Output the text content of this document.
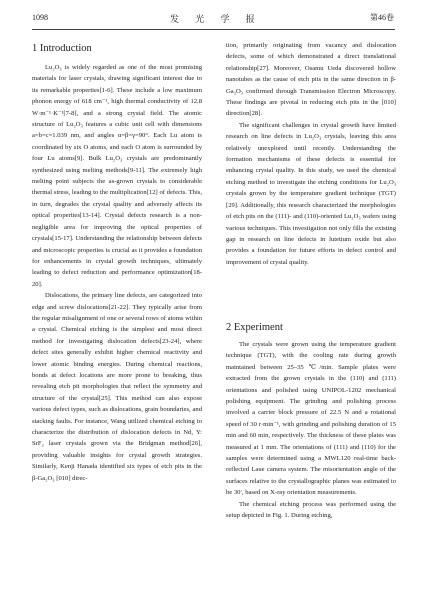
1098	发 光 学 报	第46卷
1 Introduction

Lu₂O₃ is widely regarded as one of the most promising materials for laser crystals, drawing significant interest due to its remarkable properties[1-6]. These include a low maximum phonon energy of 618 cm⁻¹, high thermal conductivity of 12.8 W·m⁻¹·K⁻¹[7-8], and a strong crystal field. The atomic structure of Lu₂O₃ features a cubic unit cell with dimensions a=b=c=1.039 nm, and angles α=β=γ=90°. Each Lu atom is coordinated by six O atoms, and each O atom is surrounded by four Lu atoms[9]. Bulk Lu₂O₃ crystals are predominantly synthesized using melting methods[9-11]. The extremely high melting point subjects the as-grown crystals to considerable thermal stress, leading to the multiplication[12] of defects. This, in turn, degrades the crystal quality and adversely affects its optical properties[13-14]. Crystal defects research is a non-negligible area for improving the optical properties of crystals[15-17]. Understanding the relationship between defects and microscopic properties is crucial as it provides a foundation for enhancements in crystal growth techniques, ultimately leading to defect reduction and performance optimization[18-20].

Dislocations, the primary line defects, are categorized into edge and screw dislocations[21-22]. They typically arise from the regular misalignment of one or several rows of atoms within a crystal. Chemical etching is the simplest and most direct method for investigating dislocation defects[23-24], where defect sites generally exhibit higher chemical reactivity and lower atomic binding energies. During chemical reactions, bonds at defect locations are more prone to breaking, thus revealing etch pit morphologies that reflect the symmetry and structure of the crystal[25]. This method can also expose various defect types, such as dislocations, grain boundaries, and stacking faults. For instance, Wang utilized chemical etching to characterize the distribution of dislocation defects in Nd, Y: SrF₂ laser crystals grown via the Bridgman method[26], providing valuable insights for crystal growth strategies. Similarly, Kenji Hanada identified six types of etch pits in the β-Ga₂O₃ [010] direc-

tion, primarily originating from vacancy and dislocation defects, some of which demonstrated a direct translational relationship[27]. Moreover, Osamu Ueda discovered hollow nanotubes as the cause of etch pits in the same direction in β-Ga₂O₃ confirmed through Transmission Electron Microscopy. These findings are pivotal in reducing etch pits in the [010] direction[28].

The significant challenges in crystal growth have limited research on line defects in Lu₂O₃ crystals, leaving this area relatively unexplored until recently. Understanding the formation mechanisms of these defects is essential for enhancing crystal quality. In this study, we used the chemical etching method to investigate the etching conditions for Lu₂O₃ crystals grown by the temperature gradient technique (TGT)[29]. Additionally, this research characterized the morphologies of etch pits on the (111)- and (110)-oriented Lu₂O₃ wafers using various techniques. This investigation not only fills the existing gap in research on line defects in lutetium oxide but also provides a foundation for future efforts in defect control and improvement of crystal quality.

2 Experiment

The crystals were grown using the temperature gradient technique (TGT), with the cooling rate during growth maintained between 25–35 ℃/min. Sample plates were extracted from the grown crystals in the (110) and (111) orientations and polished using UNIPOL-1202 mechanical polishing equipment. The grinding and polishing process involved a carrier block pressure of 22.5 N and a rotational speed of 30 r·min⁻¹, with grinding and polishing duration of 15 min and 60 min, respectively. The thickness of these plates was measured at 1 mm. The orientations of (111) and (110) for the samples were determined using a MWL120 real-time back-reflected Laue camera system. The misorientation angle of the surfaces relative to the crystallographic planes was estimated to be 30′, based on X-ray orientation measurements.

The chemical etching process was performed using the setup depicted in Fig. 1. During etching,
